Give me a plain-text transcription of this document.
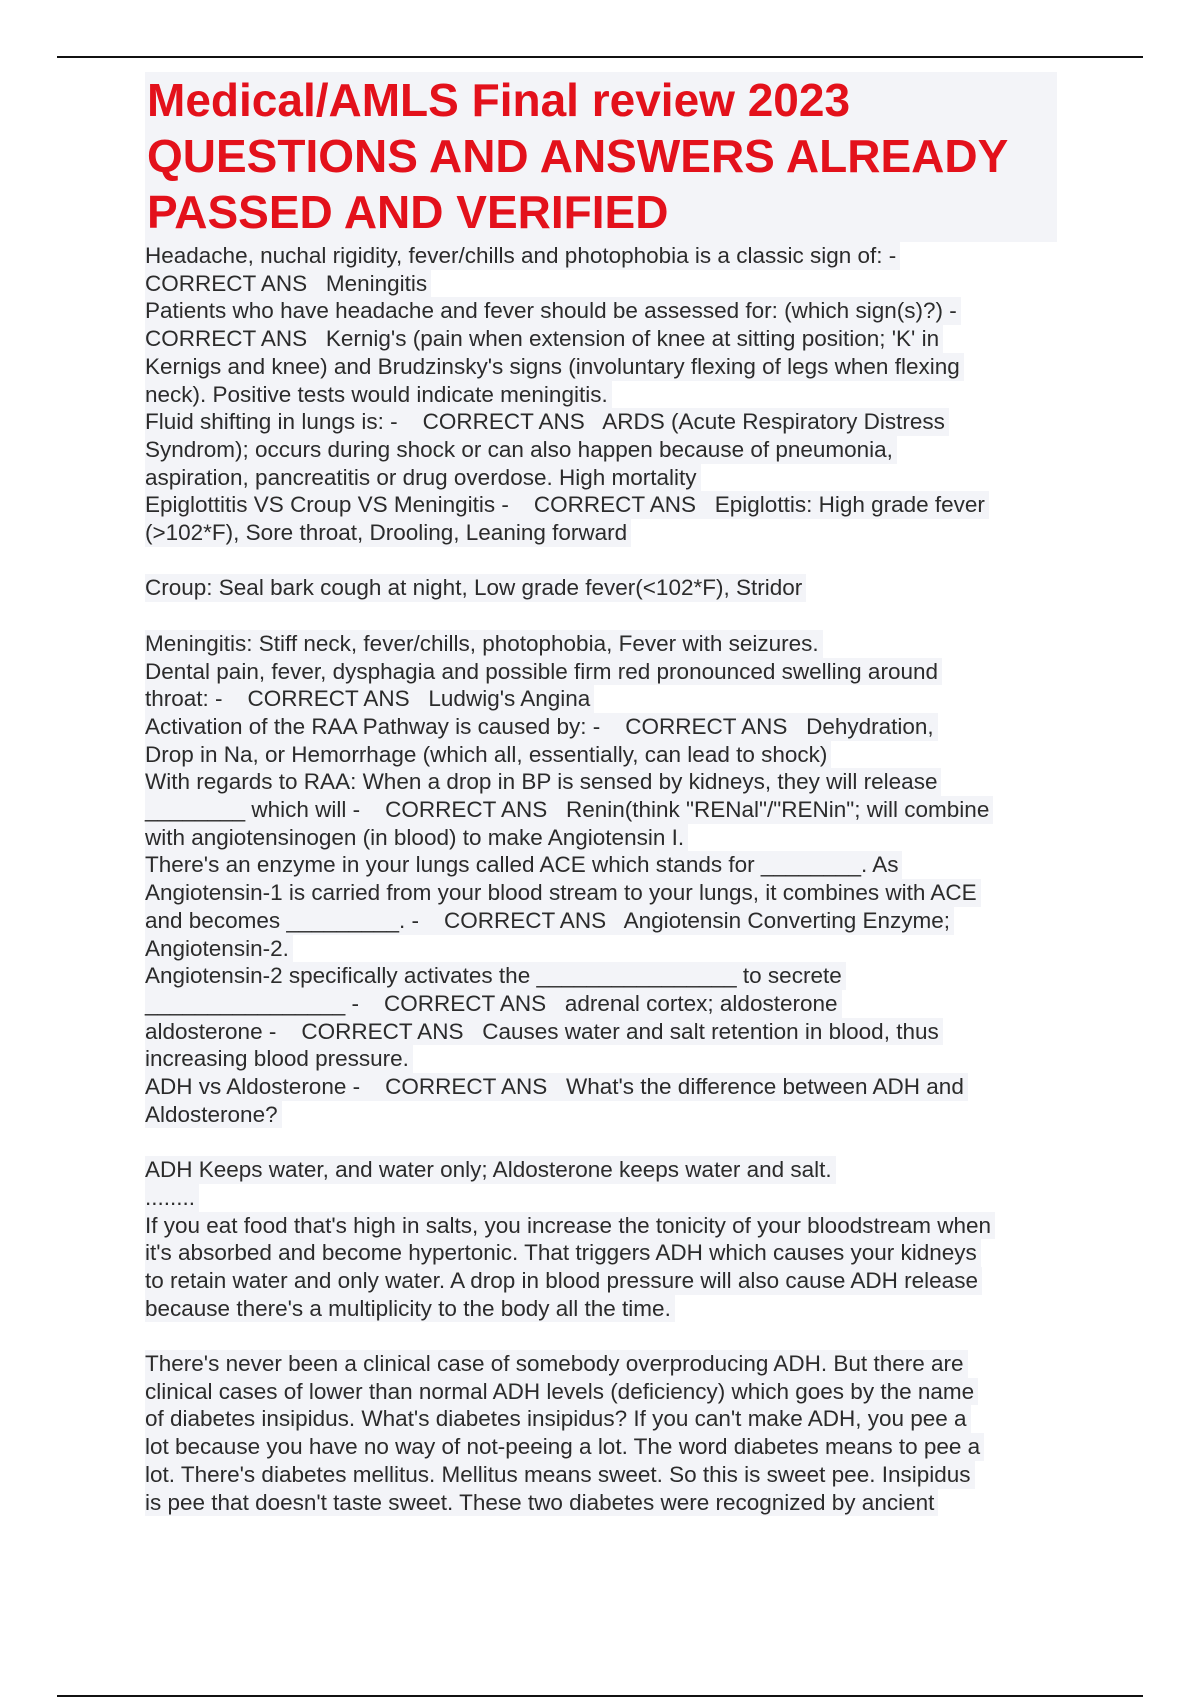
Medical/AMLS Final review 2023
QUESTIONS AND ANSWERS ALREADY
PASSED AND VERIFIED
Headache, nuchal rigidity, fever/chills and photophobia is a classic sign of: -
CORRECT ANS   Meningitis
Patients who have headache and fever should be assessed for: (which sign(s)?) -
CORRECT ANS   Kernig's (pain when extension of knee at sitting position; 'K' in
Kernigs and knee) and Brudzinsky's signs (involuntary flexing of legs when flexing
neck). Positive tests would indicate meningitis.
Fluid shifting in lungs is: -    CORRECT ANS   ARDS (Acute Respiratory Distress
Syndrom); occurs during shock or can also happen because of pneumonia,
aspiration, pancreatitis or drug overdose. High mortality
Epiglottitis VS Croup VS Meningitis -    CORRECT ANS   Epiglottis: High grade fever
(>102*F), Sore throat, Drooling, Leaning forward
Croup: Seal bark cough at night, Low grade fever(<102*F), Stridor
Meningitis: Stiff neck, fever/chills, photophobia, Fever with seizures.
Dental pain, fever, dysphagia and possible firm red pronounced swelling around
throat: -    CORRECT ANS   Ludwig's Angina
Activation of the RAA Pathway is caused by: -    CORRECT ANS   Dehydration,
Drop in Na, or Hemorrhage (which all, essentially, can lead to shock)
With regards to RAA: When a drop in BP is sensed by kidneys, they will release
________ which will -    CORRECT ANS   Renin(think "RENal"/"RENin"; will combine
with angiotensinogen (in blood) to make Angiotensin I.
There's an enzyme in your lungs called ACE which stands for ________. As
Angiotensin-1 is carried from your blood stream to your lungs, it combines with ACE
and becomes _________. -    CORRECT ANS   Angiotensin Converting Enzyme;
Angiotensin-2.
Angiotensin-2 specifically activates the ________________ to secrete
________________ -    CORRECT ANS   adrenal cortex; aldosterone
aldosterone -    CORRECT ANS   Causes water and salt retention in blood, thus
increasing blood pressure.
ADH vs Aldosterone -    CORRECT ANS   What's the difference between ADH and
Aldosterone?
ADH Keeps water, and water only; Aldosterone keeps water and salt.
........
If you eat food that's high in salts, you increase the tonicity of your bloodstream when
it's absorbed and become hypertonic. That triggers ADH which causes your kidneys
to retain water and only water. A drop in blood pressure will also cause ADH release
because there's a multiplicity to the body all the time.
There's never been a clinical case of somebody overproducing ADH. But there are
clinical cases of lower than normal ADH levels (deficiency) which goes by the name
of diabetes insipidus. What's diabetes insipidus? If you can't make ADH, you pee a
lot because you have no way of not-peeing a lot. The word diabetes means to pee a
lot. There's diabetes mellitus. Mellitus means sweet. So this is sweet pee. Insipidus
is pee that doesn't taste sweet. These two diabetes were recognized by ancient
